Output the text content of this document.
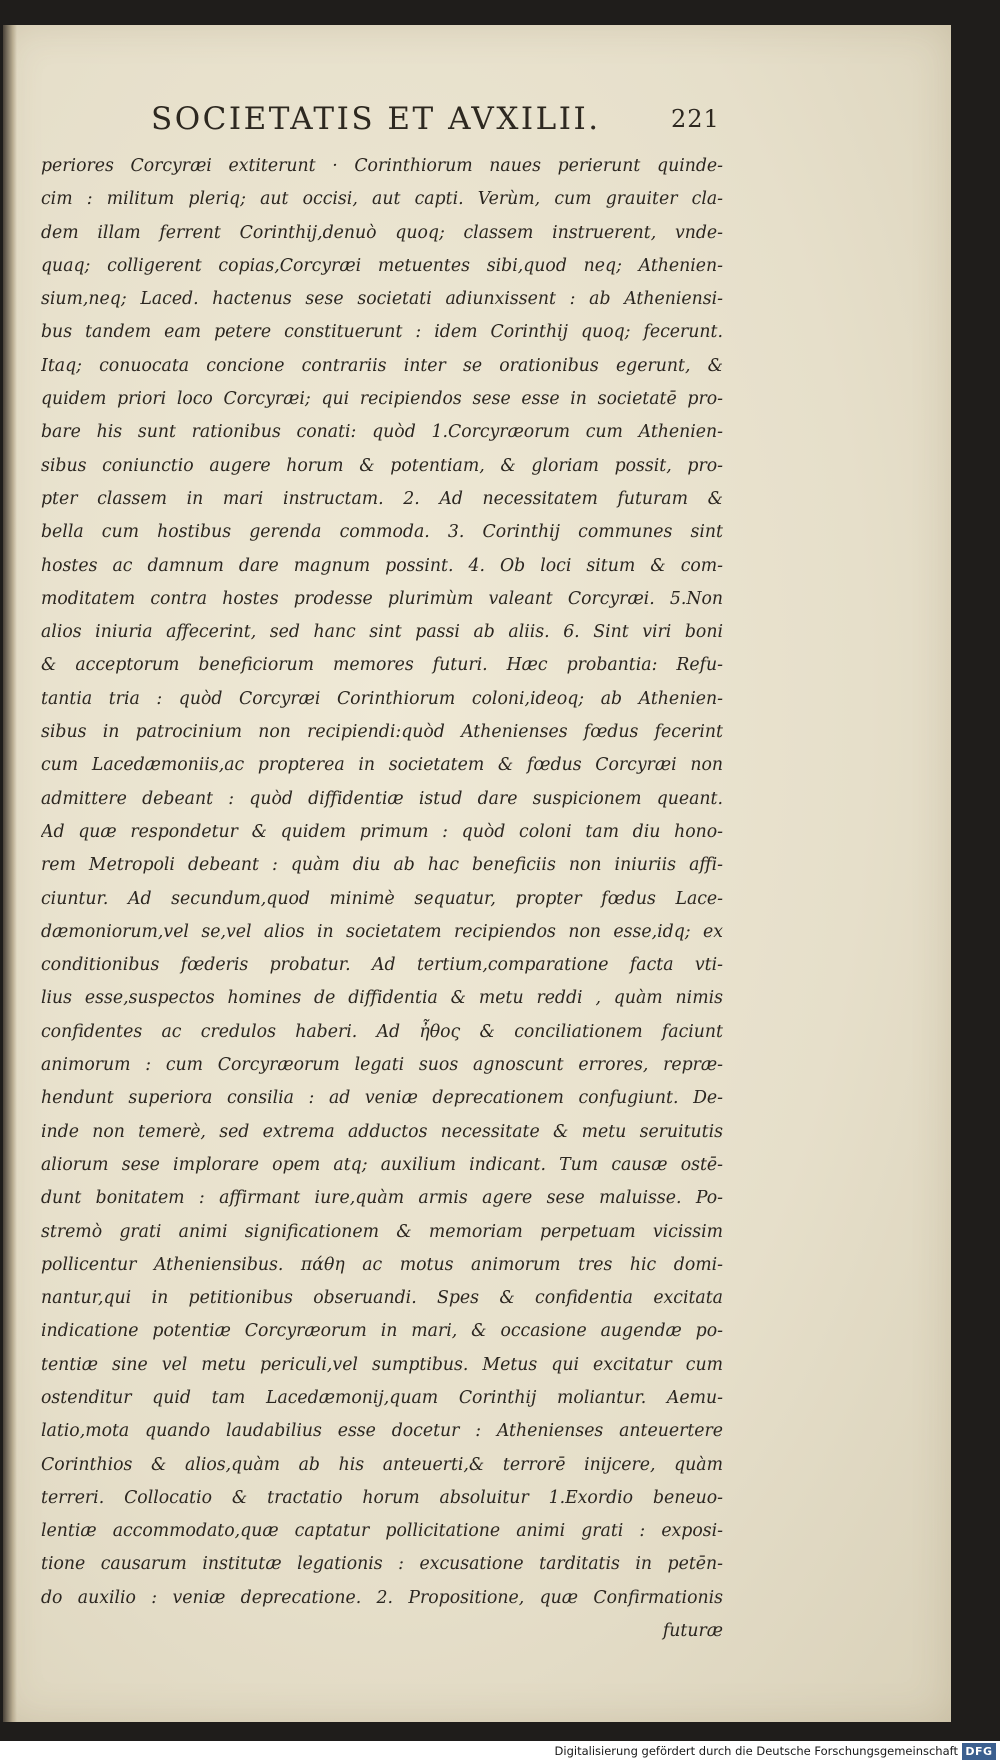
SOCIETATIS ET AVXILII.	221
periores Corcyræi extiterunt · Corinthiorum naues perierunt quinde-
cim : militum pleriq; aut occisi, aut capti. Verùm, cum grauiter cla-
dem illam ferrent Corinthij,denuò quoq; classem instruerent, vnde-
quaq; colligerent copias,Corcyræi metuentes sibi,quod neq; Athenien-
sium,neq; Laced. hactenus sese societati adiunxissent : ab Atheniensi-
bus tandem eam petere constituerunt : idem Corinthij quoq; fecerunt.
Itaq; conuocata concione contrariis inter se orationibus egerunt, &
quidem priori loco Corcyræi; qui recipiendos sese esse in societatē pro-
bare his sunt rationibus conati: quòd 1.Corcyræorum cum Athenien-
sibus coniunctio augere horum & potentiam, & gloriam possit, pro-
pter classem in mari instructam. 2. Ad necessitatem futuram &
bella cum hostibus gerenda commoda. 3. Corinthij communes sint
hostes ac damnum dare magnum possint. 4. Ob loci situm & com-
moditatem contra hostes prodesse plurimùm valeant Corcyræi. 5.Non
alios iniuria affecerint, sed hanc sint passi ab aliis. 6. Sint viri boni
& acceptorum beneficiorum memores futuri. Hæc probantia: Refu-
tantia tria : quòd Corcyræi Corinthiorum coloni,ideoq; ab Athenien-
sibus in patrocinium non recipiendi:quòd Athenienses fœdus fecerint
cum Lacedæmoniis,ac propterea in societatem & fœdus Corcyræi non
admittere debeant : quòd diffidentiæ istud dare suspicionem queant.
Ad quæ respondetur & quidem primum : quòd coloni tam diu hono-
rem Metropoli debeant : quàm diu ab hac beneficiis non iniuriis affi-
ciuntur. Ad secundum,quod minimè sequatur, propter fœdus Lace-
dæmoniorum,vel se,vel alios in societatem recipiendos non esse,idq; ex
conditionibus fœderis probatur. Ad tertium,comparatione facta vti-
lius esse,suspectos homines de diffidentia & metu reddi , quàm nimis
confidentes ac credulos haberi. Ad ἦθος & conciliationem faciunt
animorum : cum Corcyræorum legati suos agnoscunt errores, repræ-
hendunt superiora consilia : ad veniæ deprecationem confugiunt. De-
inde non temerè, sed extrema adductos necessitate & metu seruitutis
aliorum sese implorare opem atq; auxilium indicant. Tum causæ ostē-
dunt bonitatem : affirmant iure,quàm armis agere sese maluisse. Po-
stremò grati animi significationem & memoriam perpetuam vicissim
pollicentur Atheniensibus. πάθη ac motus animorum tres hic domi-
nantur,qui in petitionibus obseruandi. Spes & confidentia excitata
indicatione potentiæ Corcyræorum in mari, & occasione augendæ po-
tentiæ sine vel metu periculi,vel sumptibus. Metus qui excitatur cum
ostenditur quid tam Lacedæmonij,quam Corinthij moliantur. Aemu-
latio,mota quando laudabilius esse docetur : Athenienses anteuertere
Corinthios & alios,quàm ab his anteuerti,& terrorē inijcere, quàm
terreri. Collocatio & tractatio horum absoluitur 1.Exordio beneuo-
lentiæ accommodato,quæ captatur pollicitatione animi grati : exposi-
tione causarum institutæ legationis : excusatione tarditatis in petēn-
do auxilio : veniæ deprecatione. 2. Propositione, quæ Confirmationis
futuræ
Digitalisierung gefördert durch die Deutsche Forschungsgemeinschaft DFG
